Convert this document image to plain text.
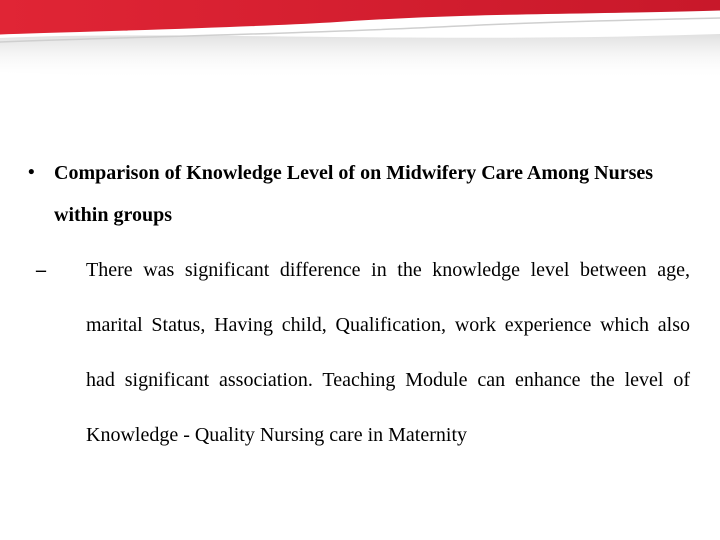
• Comparison of Knowledge Level of on Midwifery Care Among Nurses within groups
–	There was significant difference in the knowledge level between age, marital Status, Having child, Qualification, work experience which also had significant association. Teaching Module can enhance the level of Knowledge - Quality Nursing care in Maternity
